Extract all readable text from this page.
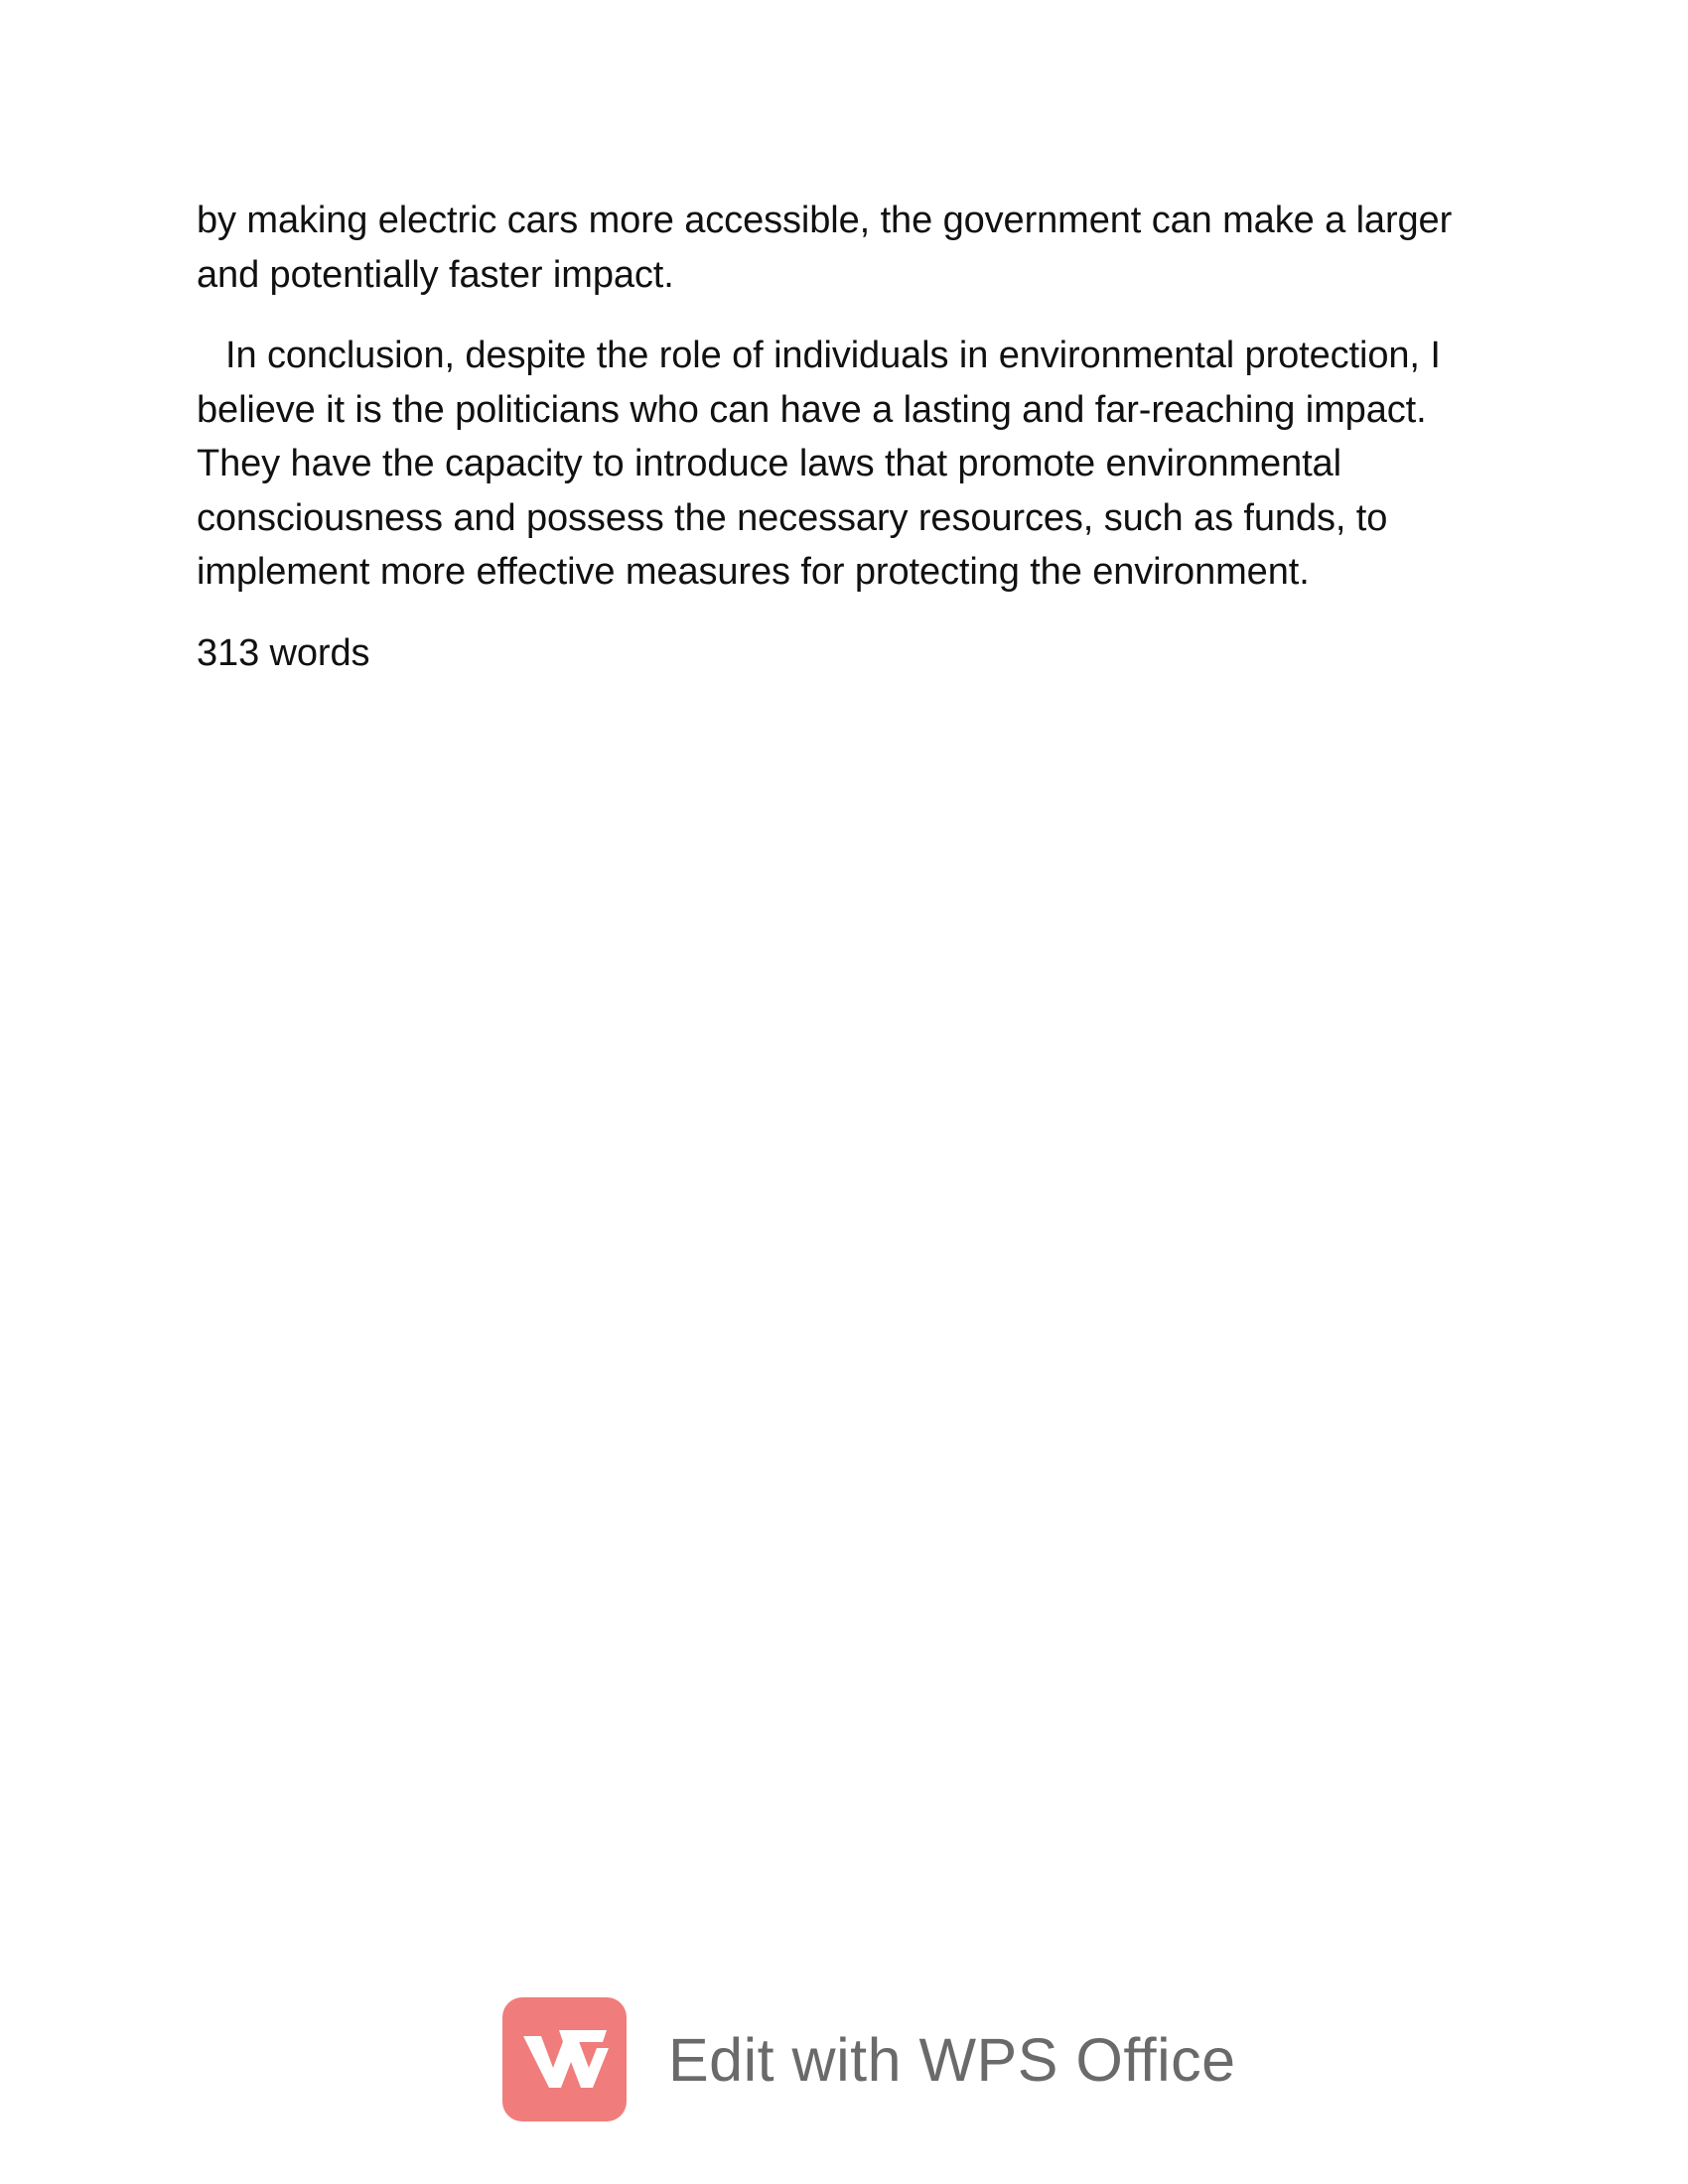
by making electric cars more accessible, the government can make a larger
and potentially faster impact.

In conclusion, despite the role of individuals in environmental protection, I
believe it is the politicians who can have a lasting and far-reaching impact.
They have the capacity to introduce laws that promote environmental
consciousness and possess the necessary resources, such as funds, to
implement more effective measures for protecting the environment.

313 words

Edit with WPS Office
